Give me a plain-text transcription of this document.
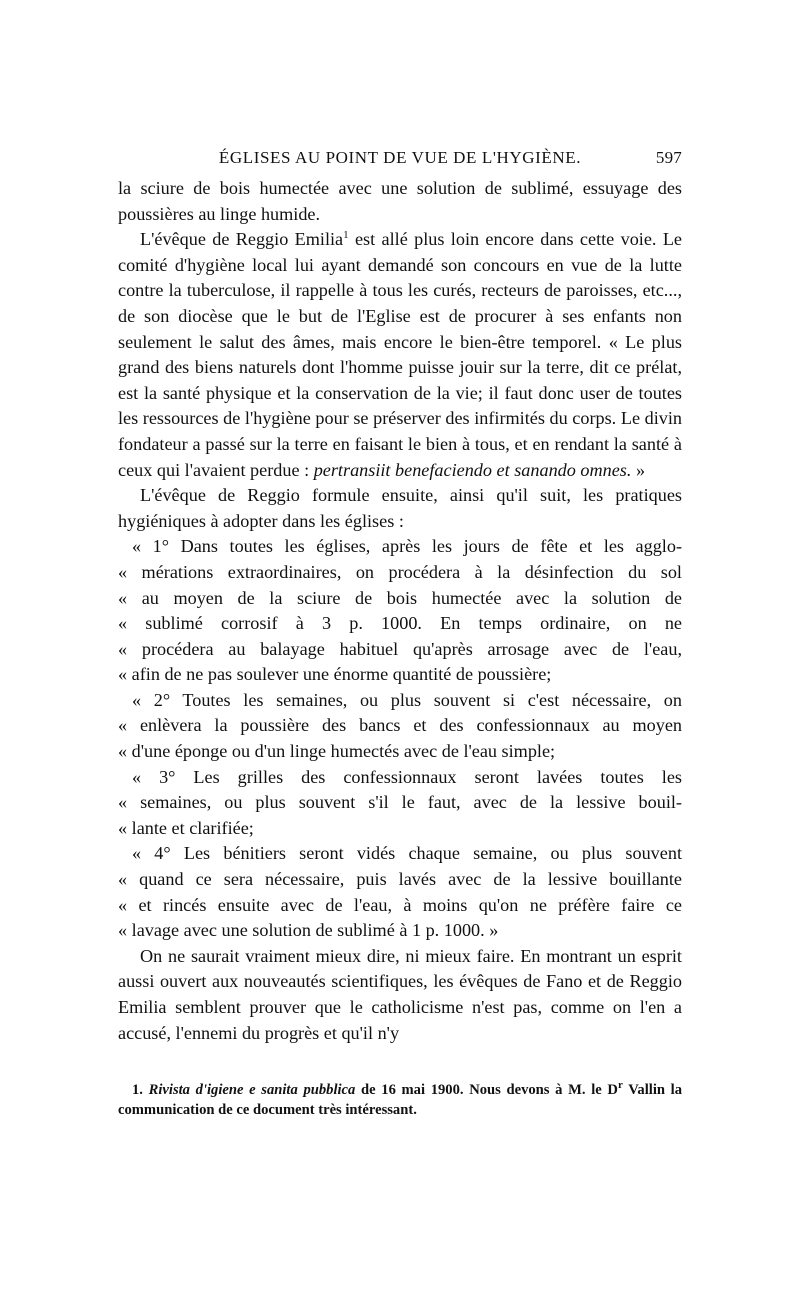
ÉGLISES AU POINT DE VUE DE L'HYGIÈNE.	597

la sciure de bois humectée avec une solution de sublimé, essuyage des poussières au linge humide.

L'évêque de Reggio Emilia$^1$ est allé plus loin encore dans cette voie. Le comité d'hygiène local lui ayant demandé son concours en vue de la lutte contre la tuberculose, il rappelle à tous les curés, recteurs de paroisses, etc..., de son diocèse que le but de l'Eglise est de procurer à ses enfants non seulement le salut des âmes, mais encore le bien-être temporel. « Le plus grand des biens naturels dont l'homme puisse jouir sur la terre, dit ce prélat, est la santé physique et la conservation de la vie; il faut donc user de toutes les ressources de l'hygiène pour se préserver des infirmités du corps. Le divin fondateur a passé sur la terre en faisant le bien à tous, et en rendant la santé à ceux qui l'avaient perdue : pertransiit benefaciendo et sanando omnes. »

L'évêque de Reggio formule ensuite, ainsi qu'il suit, les pratiques hygiéniques à adopter dans les églises :

« 1° Dans toutes les églises, après les jours de fête et les agglo-
« mérations extraordinaires, on procédera à la désinfection du sol
« au moyen de la sciure de bois humectée avec la solution de
« sublimé corrosif à 3 p. 1000. En temps ordinaire, on ne
« procédera au balayage habituel qu'après arrosage avec de l'eau,
« afin de ne pas soulever une énorme quantité de poussière;
« 2° Toutes les semaines, ou plus souvent si c'est nécessaire, on
« enlèvera la poussière des bancs et des confessionnaux au moyen
« d'une éponge ou d'un linge humectés avec de l'eau simple;
« 3° Les grilles des confessionnaux seront lavées toutes les
« semaines, ou plus souvent s'il le faut, avec de la lessive bouil-
« lante et clarifiée;
« 4° Les bénitiers seront vidés chaque semaine, ou plus souvent
« quand ce sera nécessaire, puis lavés avec de la lessive bouillante
« et rincés ensuite avec de l'eau, à moins qu'on ne préfère faire ce
« lavage avec une solution de sublimé à 1 p. 1000. »

On ne saurait vraiment mieux dire, ni mieux faire. En montrant un esprit aussi ouvert aux nouveautés scientifiques, les évêques de Fano et de Reggio Emilia semblent prouver que le catholicisme n'est pas, comme on l'en a accusé, l'ennemi du progrès et qu'il n'y

1. Rivista d'igiene e sanita pubblica de 16 mai 1900. Nous devons à M. le $D^r$ Vallin la communication de ce document très intéressant.
